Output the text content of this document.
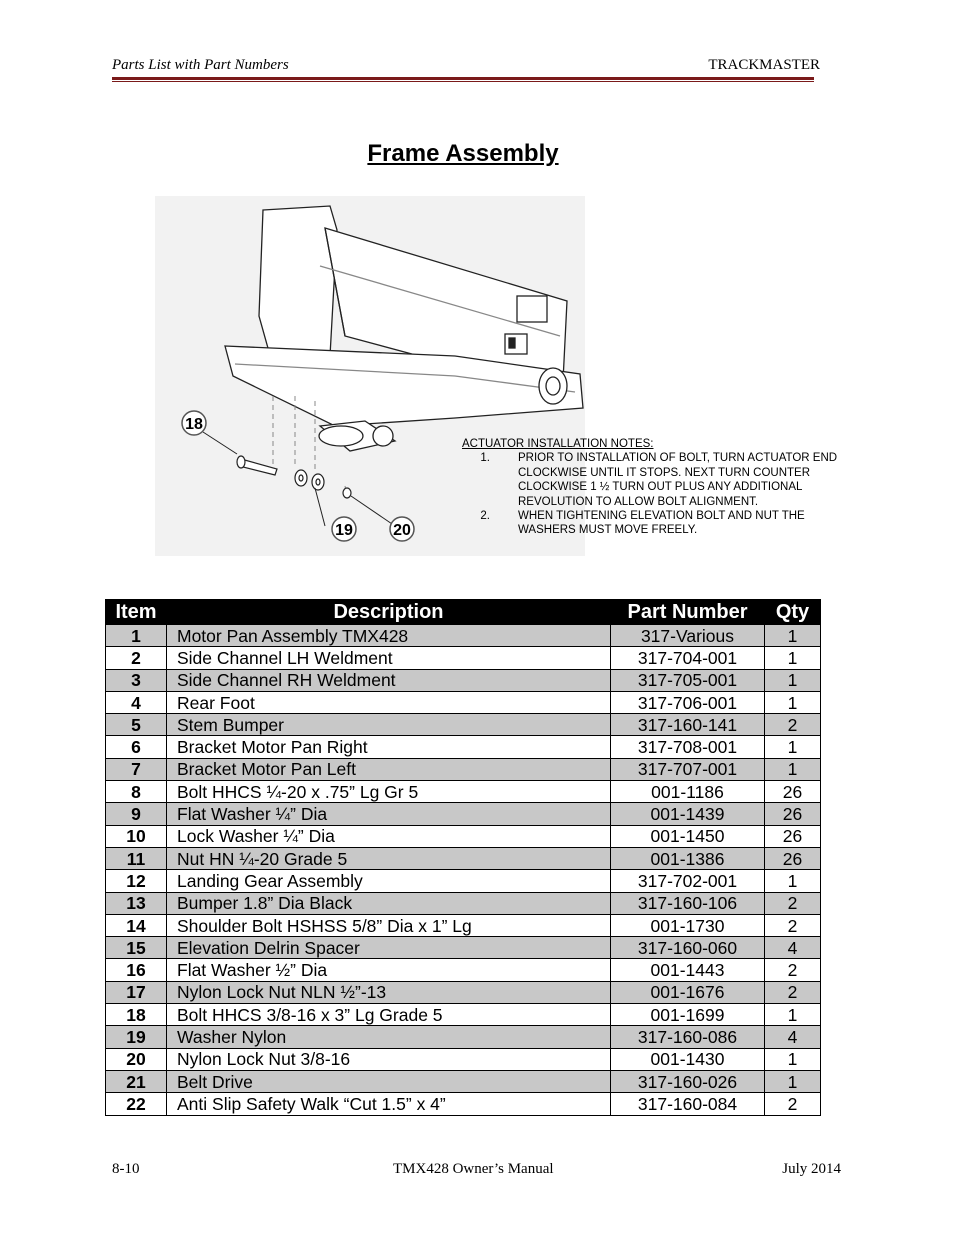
Parts List with Part Numbers	TRACKMASTER
Frame Assembly
18
19	20
ACTUATOR INSTALLATION NOTES:
1.	PRIOR TO INSTALLATION OF BOLT, TURN ACTUATOR END CLOCKWISE UNTIL IT STOPS. NEXT TURN COUNTER CLOCKWISE 1 ½ TURN OUT PLUS ANY ADDITIONAL REVOLUTION TO ALLOW BOLT ALIGNMENT.
2.	WHEN TIGHTENING ELEVATION BOLT AND NUT THE WASHERS MUST MOVE FREELY.
Item	Description	Part Number	Qty
1	Motor Pan Assembly TMX428	317-Various	1
2	Side Channel LH Weldment	317-704-001	1
3	Side Channel RH Weldment	317-705-001	1
4	Rear Foot	317-706-001	1
5	Stem Bumper	317-160-141	2
6	Bracket Motor Pan Right	317-708-001	1
7	Bracket Motor Pan Left	317-707-001	1
8	Bolt HHCS ¼-20 x .75” Lg Gr 5	001-1186	26
9	Flat Washer ¼” Dia	001-1439	26
10	Lock Washer ¼” Dia	001-1450	26
11	Nut HN ¼-20 Grade 5	001-1386	26
12	Landing Gear Assembly	317-702-001	1
13	Bumper 1.8” Dia Black	317-160-106	2
14	Shoulder Bolt HSHSS 5/8” Dia x 1” Lg	001-1730	2
15	Elevation Delrin Spacer	317-160-060	4
16	Flat Washer ½” Dia	001-1443	2
17	Nylon Lock Nut NLN ½”-13	001-1676	2
18	Bolt HHCS 3/8-16 x 3” Lg Grade 5	001-1699	1
19	Washer Nylon	317-160-086	4
20	Nylon Lock Nut 3/8-16	001-1430	1
21	Belt Drive	317-160-026	1
22	Anti Slip Safety Walk “Cut 1.5” x 4”	317-160-084	2
8-10	TMX428 Owner’s Manual	July 2014
